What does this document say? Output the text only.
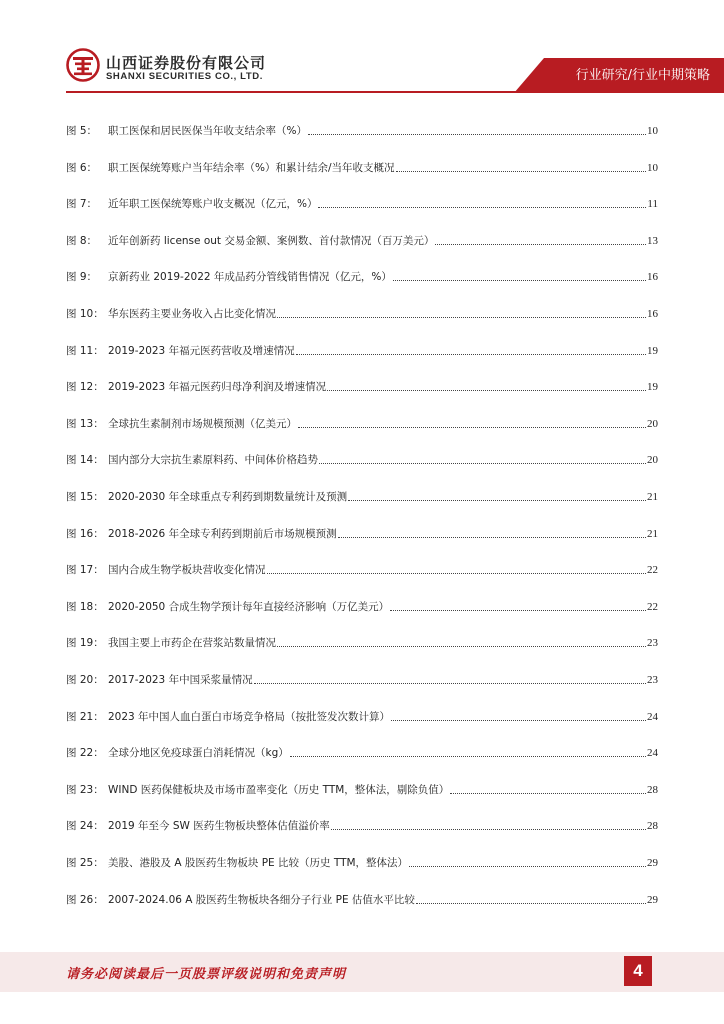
山西证券股份有限公司
SHANXI SECURITIES CO., LTD.	行业研究/行业中期策略
图 5：	职工医保和居民医保当年收支结余率（%）	10
图 6：	职工医保统筹账户当年结余率（%）和累计结余/当年收支概况	10
图 7：	近年职工医保统筹账户收支概况（亿元，%）	11
图 8：	近年创新药 license out 交易金额、案例数、首付款情况（百万美元）	13
图 9：	京新药业 2019-2022 年成品药分管线销售情况（亿元，%）	16
图 10： 华东医药主要业务收入占比变化情况	16
图 11： 2019-2023 年福元医药营收及增速情况	19
图 12： 2019-2023 年福元医药归母净利润及增速情况	19
图 13： 全球抗生素制剂市场规模预测（亿美元）	20
图 14： 国内部分大宗抗生素原料药、中间体价格趋势	20
图 15： 2020-2030 年全球重点专利药到期数量统计及预测	21
图 16： 2018-2026 年全球专利药到期前后市场规模预测	21
图 17： 国内合成生物学板块营收变化情况	22
图 18： 2020-2050 合成生物学预计每年直接经济影响（万亿美元）	22
图 19： 我国主要上市药企在营浆站数量情况	23
图 20： 2017-2023 年中国采浆量情况	23
图 21： 2023 年中国人血白蛋白市场竞争格局（按批签发次数计算）	24
图 22： 全球分地区免疫球蛋白消耗情况（kg）	24
图 23： WIND 医药保健板块及市场市盈率变化（历史 TTM，整体法，剔除负值）	28
图 24： 2019 年至今 SW 医药生物板块整体估值溢价率	28
图 25： 美股、港股及 A 股医药生物板块 PE 比较（历史 TTM，整体法）	29
图 26： 2007-2024.06 A 股医药生物板块各细分子行业 PE 估值水平比较	29
请务必阅读最后一页股票评级说明和免责声明	4
